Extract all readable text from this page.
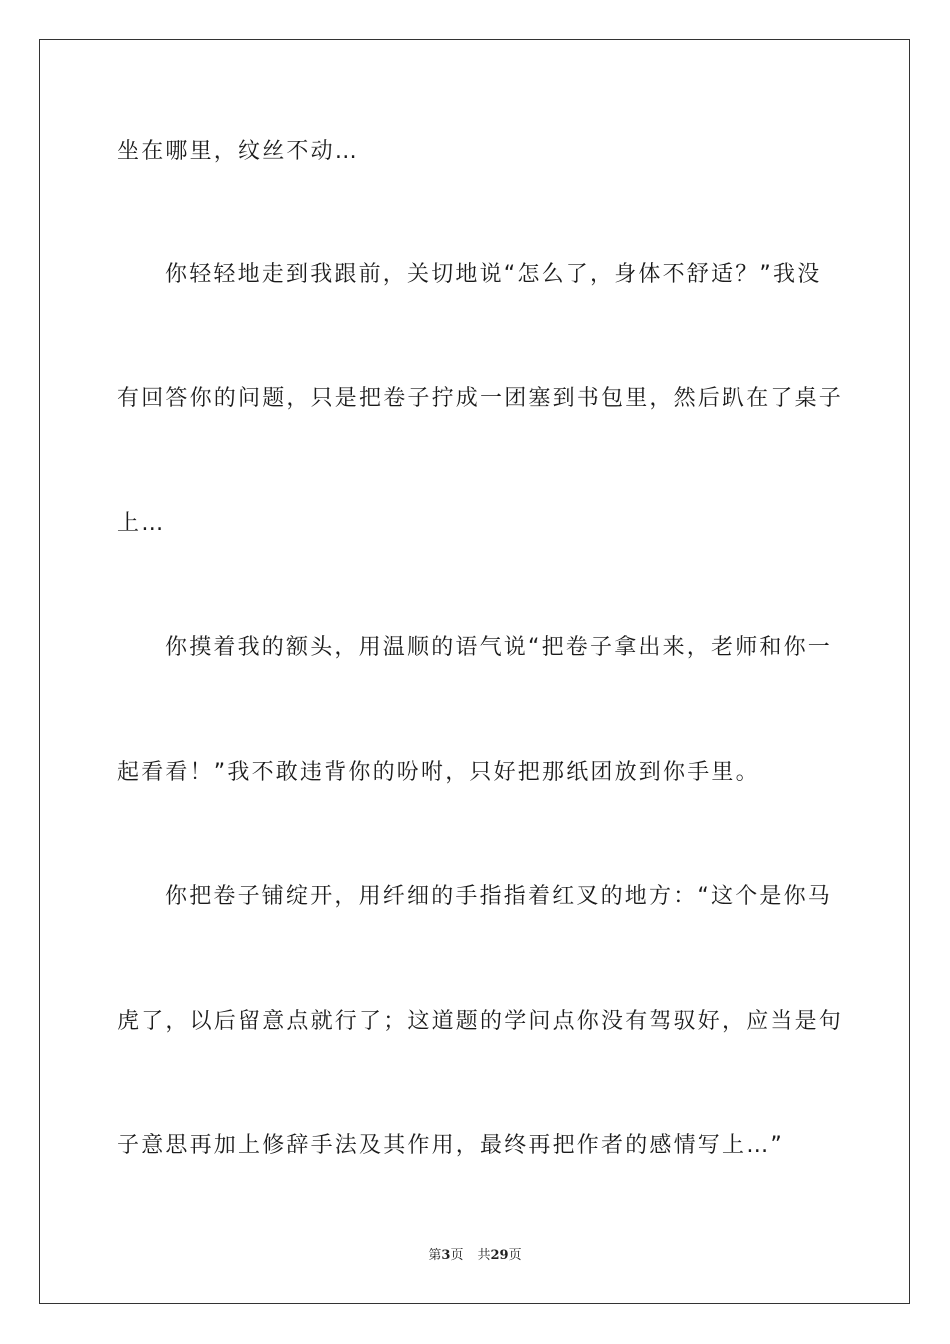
坐在哪里，纹丝不动…

你轻轻地走到我跟前，关切地说“怎么了，身体不舒适？”我没

有回答你的问题，只是把卷子拧成一团塞到书包里，然后趴在了桌子

上…

你摸着我的额头，用温顺的语气说“把卷子拿出来，老师和你一

起看看！”我不敢违背你的吩咐，只好把那纸团放到你手里。

你把卷子铺绽开，用纤细的手指指着红叉的地方：“这个是你马

虎了，以后留意点就行了；这道题的学问点你没有驾驭好，应当是句

子意思再加上修辞手法及其作用，最终再把作者的感情写上…”

第3页 共29页
